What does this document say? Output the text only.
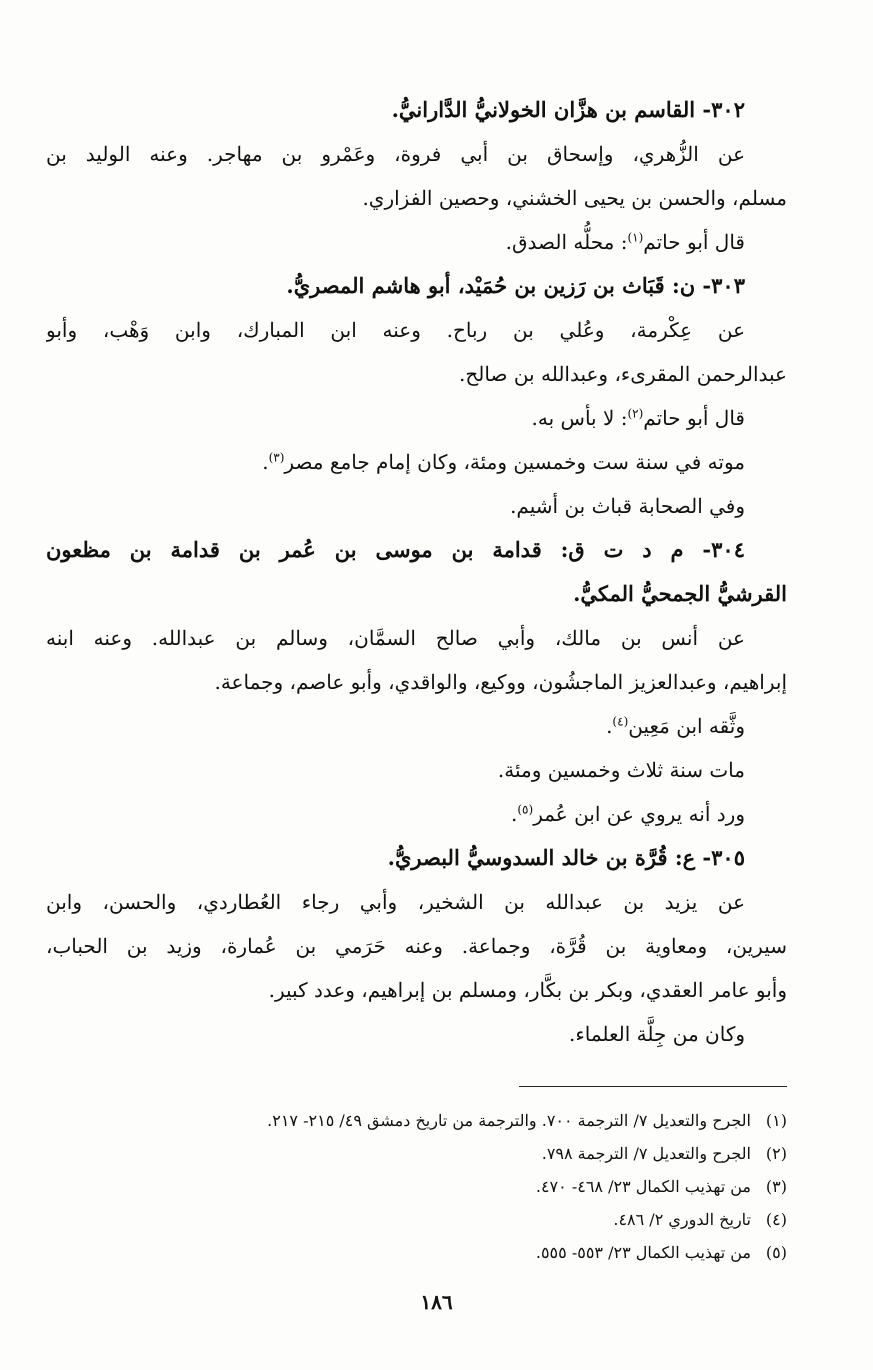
٣٠٢- القاسم بن هزَّان الخولانيُّ الدَّارانيُّ.
عن الزُّهري، وإسحاق بن أبي فروة، وعَمْرو بن مهاجر. وعنه الوليد بن
مسلم، والحسن بن يحيى الخشني، وحصين الفزاري.
قال أبو حاتم$^{(١)}$: محلُّه الصدق.
٣٠٣- ن: قَبَاث بن رَزين بن حُمَيْد، أبو هاشم المصريُّ.
عن عِكْرمة، وعُلي بن رباح. وعنه ابن المبارك، وابن وَهْب، وأبو
عبدالرحمن المقرىء، وعبدالله بن صالح.
قال أبو حاتم$^{(٢)}$: لا بأس به.
موته في سنة ست وخمسين ومئة، وكان إمام جامع مصر$^{(٣)}$.
وفي الصحابة قباث بن أشيم.
٣٠٤- م د ت ق: قدامة بن موسى بن عُمر بن قدامة بن مظعون
القرشيُّ الجمحيُّ المكيُّ.
عن أنس بن مالك، وأبي صالح السمَّان، وسالم بن عبدالله. وعنه ابنه
إبراهيم، وعبدالعزيز الماجشُون، ووكيع، والواقدي، وأبو عاصم، وجماعة.
وثَّقه ابن مَعِين$^{(٤)}$.
مات سنة ثلاث وخمسين ومئة.
ورد أنه يروي عن ابن عُمر$^{(٥)}$.
٣٠٥- ع: قُرَّة بن خالد السدوسيُّ البصريُّ.
عن يزيد بن عبدالله بن الشخير، وأبي رجاء العُطاردي، والحسن، وابن
سيرين، ومعاوية بن قُرَّة، وجماعة. وعنه حَرَمي بن عُمارة، وزيد بن الحباب،
وأبو عامر العقدي، وبكر بن بكَّار، ومسلم بن إبراهيم، وعدد كبير.
وكان من جِلَّة العلماء.
(١)الجرح والتعديل ٧/ الترجمة ٧٠٠. والترجمة من تاريخ دمشق ٤٩/ ٢١٥- ٢١٧.
(٢)الجرح والتعديل ٧/ الترجمة ٧٩٨.
(٣)من تهذيب الكمال ٢٣/ ٤٦٨- ٤٧٠.
(٤)تاريخ الدوري ٢/ ٤٨٦.
(٥)من تهذيب الكمال ٢٣/ ٥٥٣- ٥٥٥.
١٨٦
